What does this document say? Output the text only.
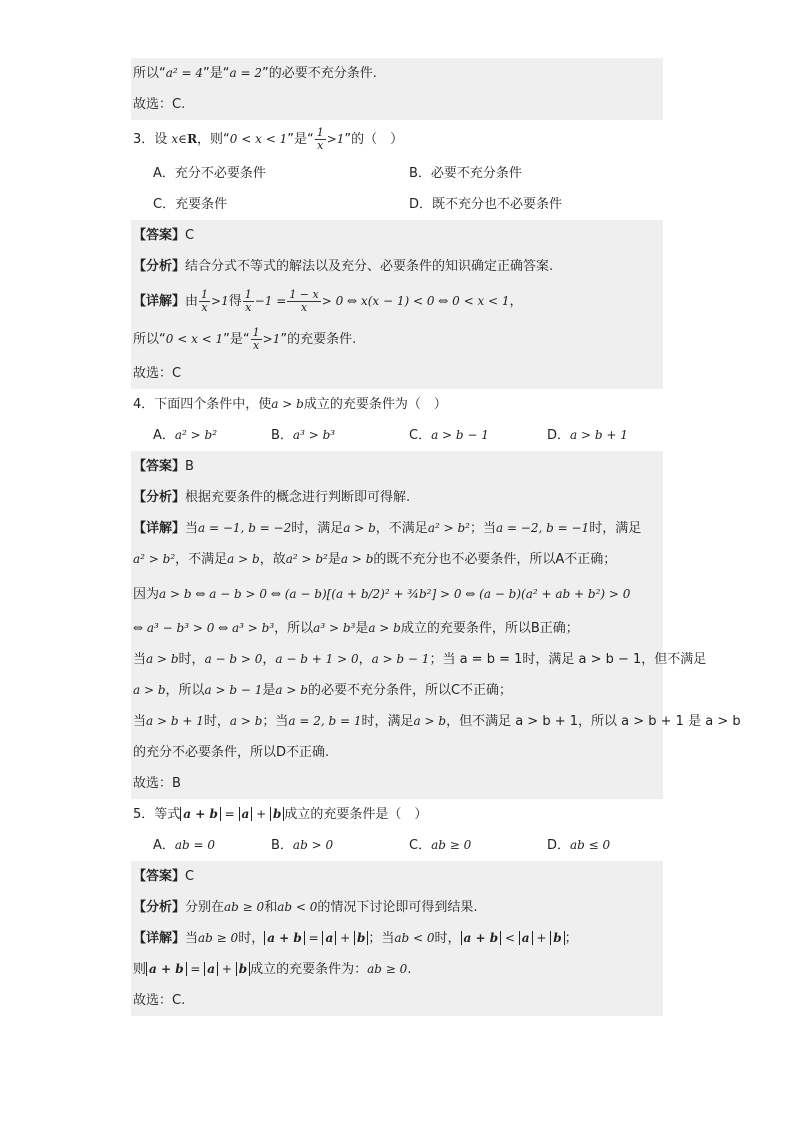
所以“a² = 4”是“a = 2”的必要不充分条件.
故选：C.
3．设 x∈R，则“0 < x < 1”是“ $\frac{1}{x} >1$”的（　）
A．充分不必要条件	B．必要不充分条件
C．充要条件	D．既不充分也不必要条件
【答案】C
【分析】结合分式不等式的解法以及充分、必要条件的知识确定正确答案.
【详解】由 $\frac{1}{x} >1$得 $\frac{1}{x} -1 = \frac{1 - x}{x} > 0$ ⇔ x(x − 1) < 0 ⇔ 0 < x < 1，
所以“0 < x < 1”是“ $\frac{1}{x} >1$”的充要条件.
故选：C
4．下面四个条件中，使a > b成立的充要条件为（　）
A．a² > b²	B．a³ > b³	C．a > b − 1	D．a > b + 1
【答案】B
【分析】根据充要条件的概念进行判断即可得解.
【详解】当a = −1, b = −2时，满足a > b，不满足a² > b²；当a = −2, b = −1时，满足
a² > b²，不满足a > b，故a² > b²是a > b的既不充分也不必要条件，所以A不正确；
因为a > b ⇔ a − b > 0 ⇔ (a − b)[(a + b/2)² + ¾b²] > 0 ⇔ (a − b)(a² + ab + b²) > 0
⇔ a³ − b³ > 0 ⇔ a³ > b³，所以a³ > b³是a > b成立的充要条件，所以B正确；
当a > b时，a − b > 0，a − b + 1 > 0，a > b − 1；当 a = b = 1时，满足 a > b − 1，但不满足
a > b，所以a > b − 1是a > b的必要不充分条件，所以C不正确；
当a > b + 1时，a > b；当a = 2, b = 1时，满足a > b，但不满足 a > b + 1，所以 a > b + 1 是 a > b
的充分不必要条件，所以D不正确.
故选：B
5．等式 a + b = a + b 成立的充要条件是（　）
A．ab = 0	B．ab > 0	C．ab ≥ 0	D．ab ≤ 0
【答案】C
【分析】分别在ab ≥ 0和ab < 0的情况下讨论即可得到结果.
【详解】当ab ≥ 0时， a + b = a + b ；当ab < 0时， a + b < a + b ；
则 a + b = a + b 成立的充要条件为：ab ≥ 0.
故选：C.
